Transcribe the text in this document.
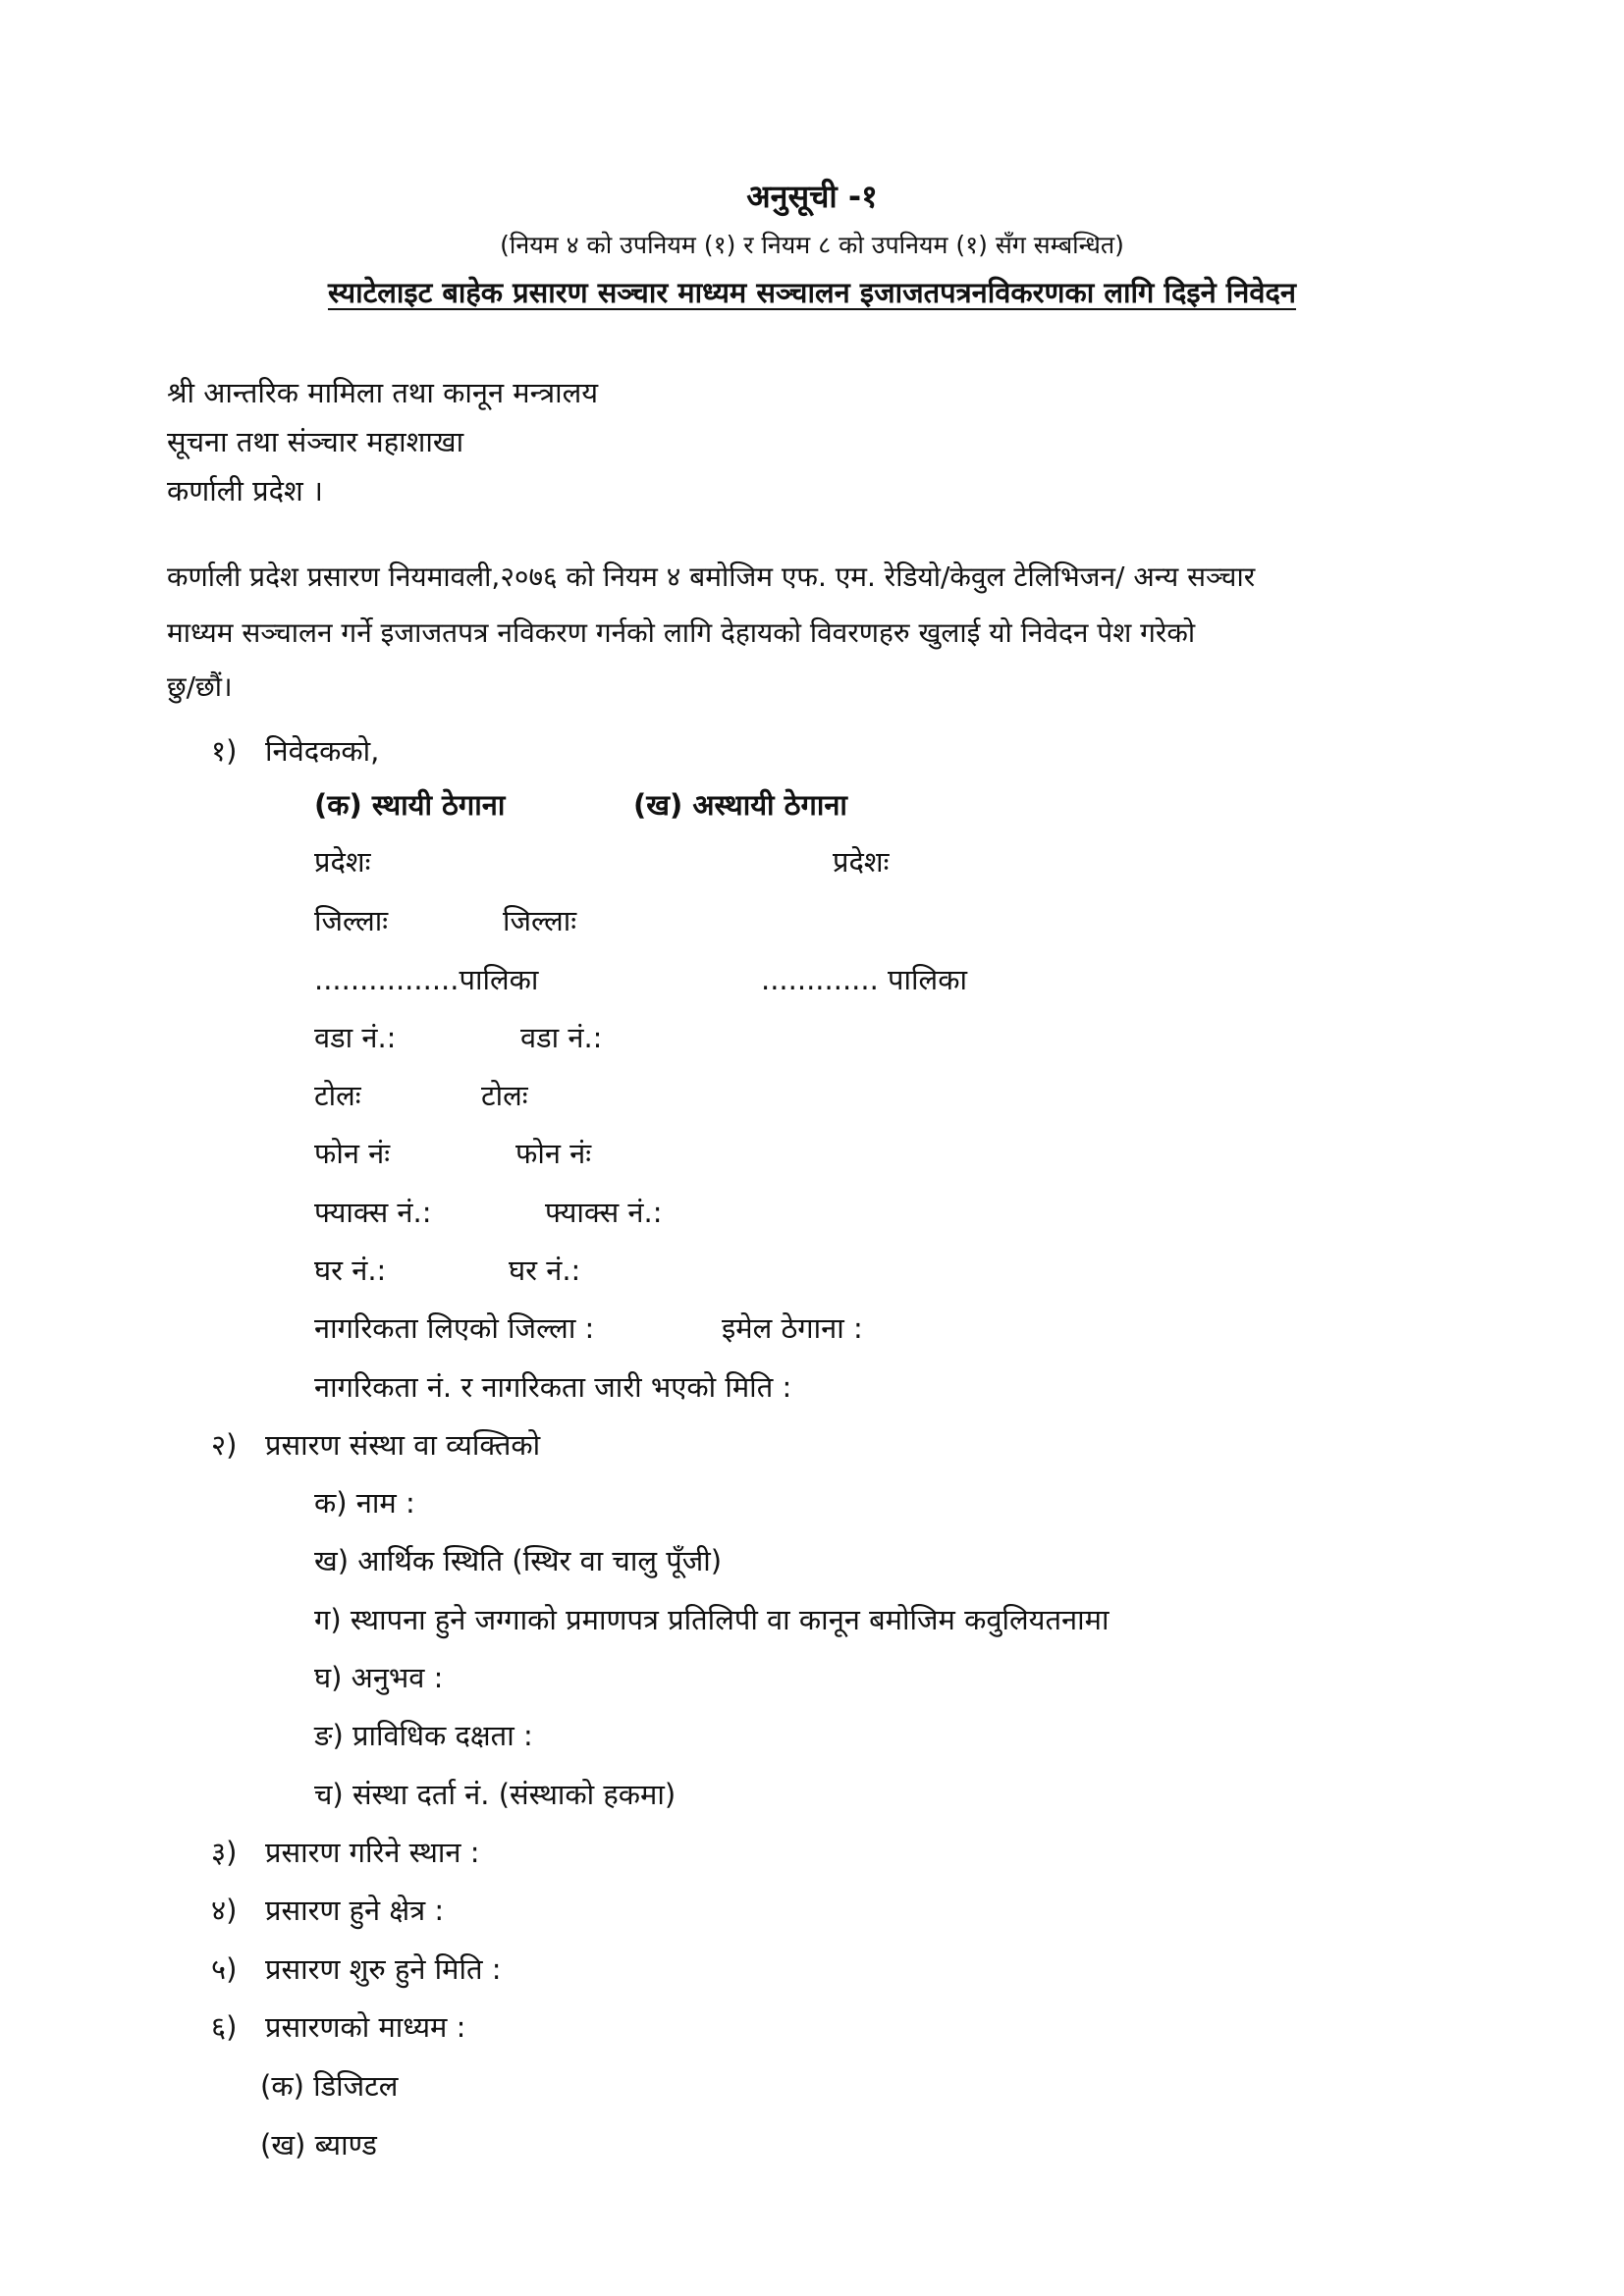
अनुसूची -१
(नियम ४ को उपनियम (१) र नियम ८ को उपनियम (१) सँग सम्बन्धित)
स्याटेलाइट बाहेक प्रसारण सञ्चार माध्यम सञ्चालन इजाजतपत्रनविकरणका लागि दिइने निवेदन
श्री आन्तरिक मामिला तथा कानून मन्त्रालय
सूचना तथा संञ्चार महाशाखा
कर्णाली प्रदेश ।
कर्णाली प्रदेश प्रसारण नियमावली,२०७६ को नियम ४ बमोजिम एफ. एम. रेडियो/केवुल टेलिभिजन/ अन्य सञ्चार
माध्यम सञ्चालन गर्ने इजाजतपत्र नविकरण गर्नको लागि देहायको विवरणहरु खुलाई यो निवेदन पेश गरेको
छु/छौं।
१) निवेदकको,
(क) स्थायी ठेगाना	(ख) अस्थायी ठेगाना
प्रदेशः	प्रदेशः
जिल्लाः	जिल्लाः
................पालिका	............. पालिका
वडा नं.:	वडा नं.:
टोलः	टोलः
फोन नंः	फोन नंः
फ्याक्स नं.:	फ्याक्स नं.:
घर नं.:	घर नं.:
नागरिकता लिएको जिल्ला :	इमेल ठेगाना :
नागरिकता नं. र नागरिकता जारी भएको मिति :
२) प्रसारण संस्था वा व्यक्तिको
क) नाम :
ख) आर्थिक स्थिति (स्थिर वा चालु पूँजी)
ग) स्थापना हुने जग्गाको प्रमाणपत्र प्रतिलिपी वा कानून बमोजिम कवुलियतनामा
घ) अनुभव :
ङ) प्राविधिक दक्षता :
च) संस्था दर्ता नं. (संस्थाको हकमा)
३) प्रसारण गरिने स्थान :
४) प्रसारण हुने क्षेत्र :
५) प्रसारण शुरु हुने मिति :
६) प्रसारणको माध्यम :
(क) डिजिटल
(ख) ब्याण्ड
